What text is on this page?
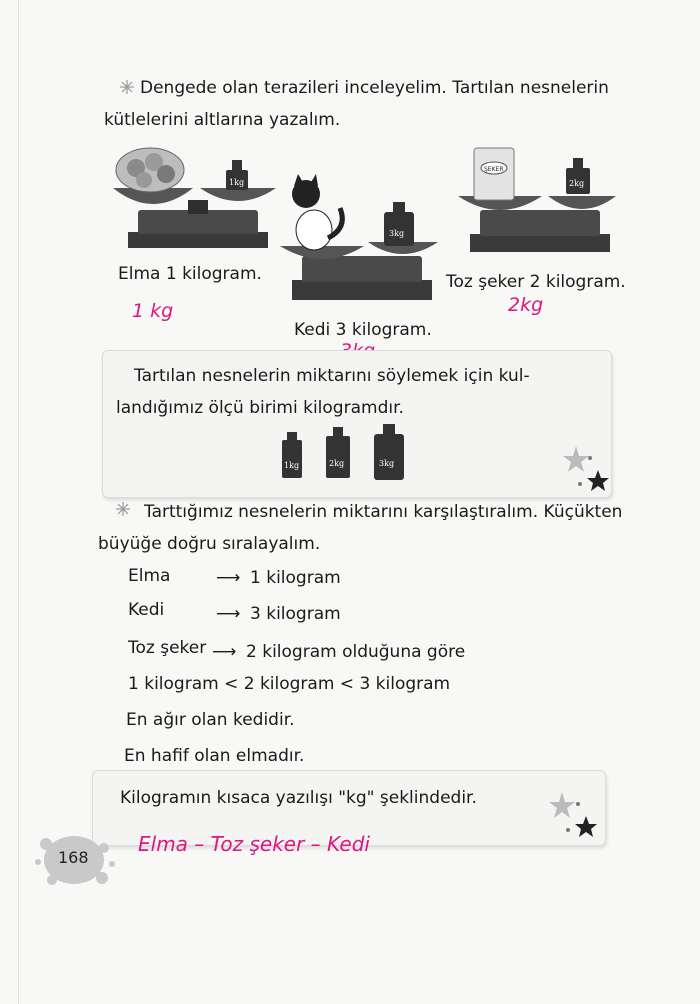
Dengede olan terazileri inceleyelim. Tartılan nesnelerin
kütlelerini altlarına yazalım.
1kg
Elma 1 kilogram.
1 kg
3kg
Kedi 3 kilogram.
ŞEKER
2kg
Toz şeker 2 kilogram.
2kg
Tartılan nesnelerin miktarını söylemek için kul-
landığımız ölçü birimi kilogramdır.
1kg	2kg	3kg
Tarttığımız nesnelerin miktarını karşılaştıralım. Küçükten
büyüğe doğru sıralayalım.
Elma	⟶ 1 kilogram
Kedi	⟶ 3 kilogram
Toz şeker ⟶ 2 kilogram olduğuna göre
1 kilogram < 2 kilogram < 3 kilogram
En ağır olan kedidir.
En hafif olan elmadır.
Kilogramın kısaca yazılışı "kg" şeklindedir.
Elma – Toz şeker – Kedi
168
